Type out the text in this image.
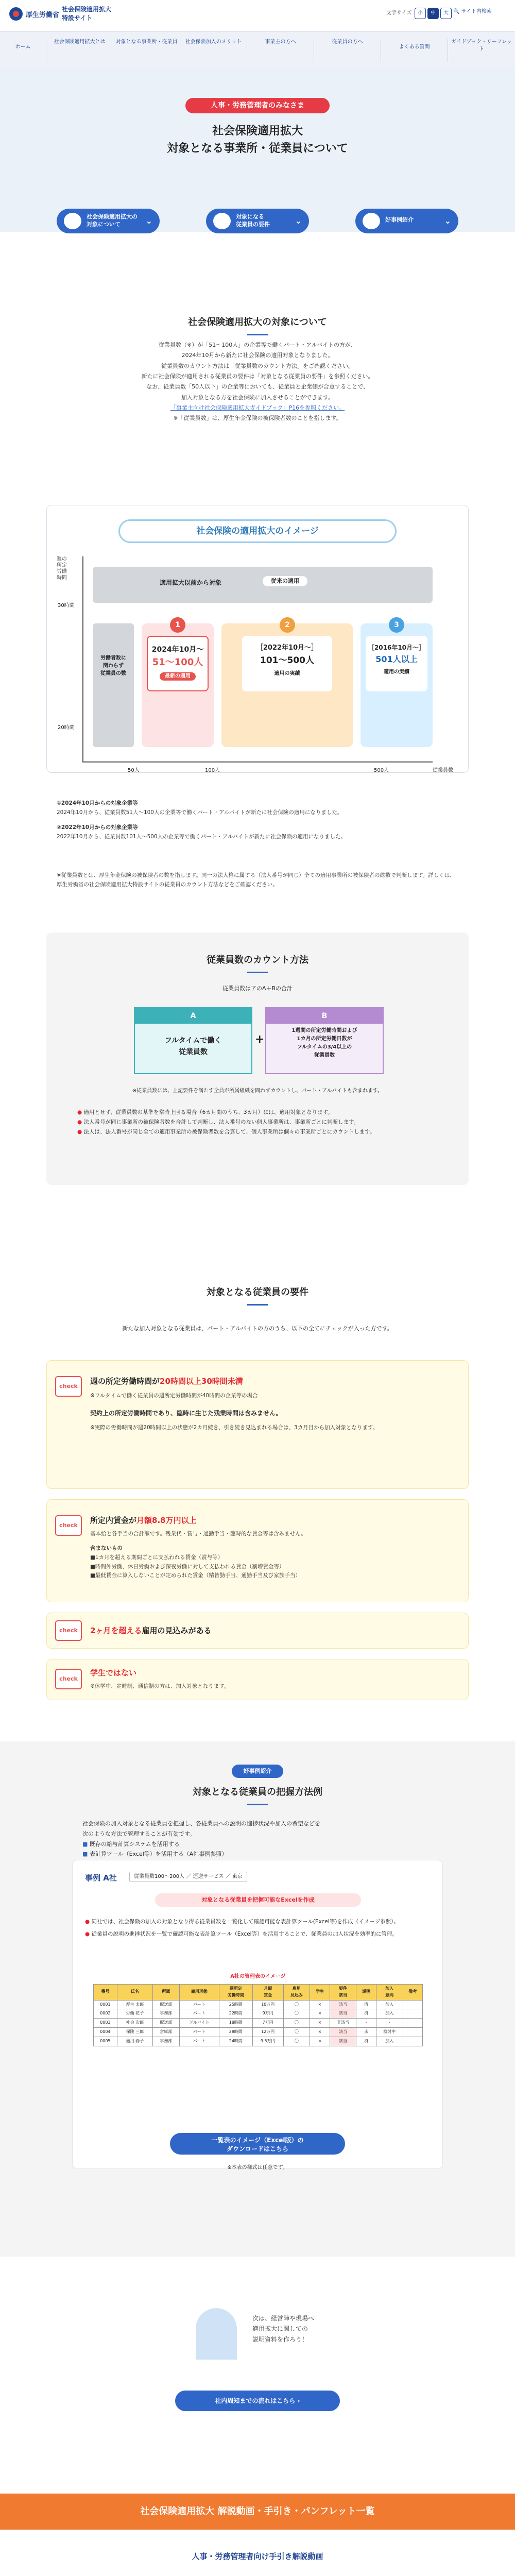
厚生労働省
社会保険適用拡大
特設サイト
文字サイズ	小	中	大 🔍 サイト内検索
ホーム
社会保険適用拡大とは	対象となる事業所・従業員	社会保険加入のメリット	事業主の方へ	従業員の方へ
よくある質問
ガイドブック・リーフレット
人事・労務管理者のみなさま
社会保険適用拡大
対象となる事業所・従業員について
社会保険適用拡大の
対象について	⌄	対象になる
従業員の要件	⌄	好事例紹介	⌄
社会保険適用拡大の対象について
従業員数（※）が「51～100人」の企業等で働くパート・アルバイトの方が、
2024年10月から新たに社会保険の適用対象となりました。
従業員数のカウント方法は「従業員数のカウント方法」をご確認ください。
新たに社会保険が適用される従業員の要件は「対象となる従業員の要件」を参照ください。
なお、従業員数「50人以下」の企業等においても、従業員と企業側が合意することで、
加入対象となる方を社会保険に加入させることができます。
「事業主向け社会保険適用拡大ガイドブック」P16を参照ください。
※「従業員数」は、厚生年金保険の被保険者数のことを指します。
社会保険の適用拡大のイメージ
週の所定労働時間
30時間
20時間
50人	100人	500人	従業員数
適用拡大以前から対象	従来の適用
労働者数に
関わらず
従業員の数
2024年10月～
51～100人
最新の適用
1
［2022年10月～］
101～500人
適用の実績
2
［2016年10月～］
501人以上
適用の実績
3
①2024年10月からの対象企業等
2024年10月から、従業員数51人～100人の企業等で働くパート・アルバイトが新たに社会保険の適用になりました。
②2022年10月からの対象企業等
2022年10月から、従業員数101人～500人の企業等で働くパート・アルバイトが新たに社会保険の適用になりました。
※従業員数とは、厚生年金保険の被保険者の数を指します。同一の法人格に属する（法人番号が同じ）全ての適用事業所の被保険者の総数で判断します。詳しくは、厚生労働省の社会保険適用拡大特設サイトの従業員のカウント方法などをご確認ください。
従業員数のカウント方法
従業員数はアのA＋Bの合計
A
フルタイムで働く
従業員数
+
B
1週間の所定労働時間および
1カ月の所定労働日数が
フルタイムの3/4以上の
従業員数
※従業員数には、上記要件を満たす全員が所属組織を問わずカウントし、パート・アルバイトも含まれます。
● 適用とせず、従業員数の基準を常時上回る場合（6カ月間のうち、3カ月）には、適用対象となります。
● 法人番号が同じ事業所の被保険者数を合計して判断し、法人番号のない個人事業所は、事業所ごとに判断します。
● 法人は、法人番号が同じ全ての適用事業所の被保険者数を合算して、個人事業所は個々の事業所ごとにカウントします。
対象となる従業員の要件
新たな加入対象となる従業員は、パート・アルバイトの方のうち、以下の全てにチェックが入った方です。
check
週の所定労働時間が20時間以上30時間未満
※フルタイムで働く従業員の週所定労働時間が40時間の企業等の場合
契約上の所定労働時間であり、臨時に生じた残業時間は含みません。
※実際の労働時間が週20時間以上の状態が2カ月続き、引き続き見込まれる場合は、3カ月目から加入対象となります。
check
所定内賃金が月額8.8万円以上
基本給と各手当の合計額です。残業代・賞与・通勤手当・臨時的な賃金等は含みません。
含まないもの
■1カ月を超える期間ごとに支払われる賃金（賞与等）
■時間外労働、休日労働および深夜労働に対して支払われる賃金（割増賃金等）
■最低賃金に算入しないことが定められた賃金（精皆勤手当、通勤手当及び家族手当）
check	2ヶ月を超える雇用の見込みがある
check
学生ではない
※休学中、定時制、通信制の方は、加入対象となります。
好事例紹介
対象となる従業員の把握方法例
社会保険の加入対象となる従業員を把握し、各従業員への説明の進捗状況や加入の希望などを
次のような方法で管理することが有効です。
■ 既存の給与計算システムを活用する
■ 表計算ツール（Excel等）を活用する（A社事例参照）
事例 A社	従業員数100～200人 ／ 運送サービス ／ 東京
対象となる従業員を把握可能なExcelを作成
● 同社では、社会保険の加入の対象となり得る従業員数を一覧化して確認可能な表計算ツール(Excel等)を作成（イメージ参照）。
● 従業員の説明の進捗状況を一覧で確認可能な表計算ツール（Excel等）を活用することで、従業員の加入状況を効率的に管理。
A社の管理表のイメージ
番号	氏名	所属	雇用形態	週所定
労働時間	月額
賃金	雇用
見込み	学生	要件
該当	説明	加入
意向	備考
0001	厚生 太郎	配送部	パート	25時間	10万円	〇	×	該当	済	加入	
0002	労働 花子	事務部	パート	22時間	9万円	〇	×	該当	済	加入	
0003	社会 次郎	配送部	アルバイト	18時間	7万円	〇	×	非該当	-	-	
0004	保険 三郎	倉庫部	パート	28時間	12万円	〇	×	該当	未	検討中	
0005	適用 春子	事務部	パート	24時間	9.5万円	〇	×	該当	済	加入	
一覧表のイメージ（Excel版）の
ダウンロードはこちら
※本表の様式は任意です。
次は、経営陣や現場へ
適用拡大に関しての
説明資料を作ろう！
社内周知までの流れはこちら ›
社会保険適用拡大 解説動画・手引き・パンフレット一覧
人事・労務管理者向け手引き解説動画
